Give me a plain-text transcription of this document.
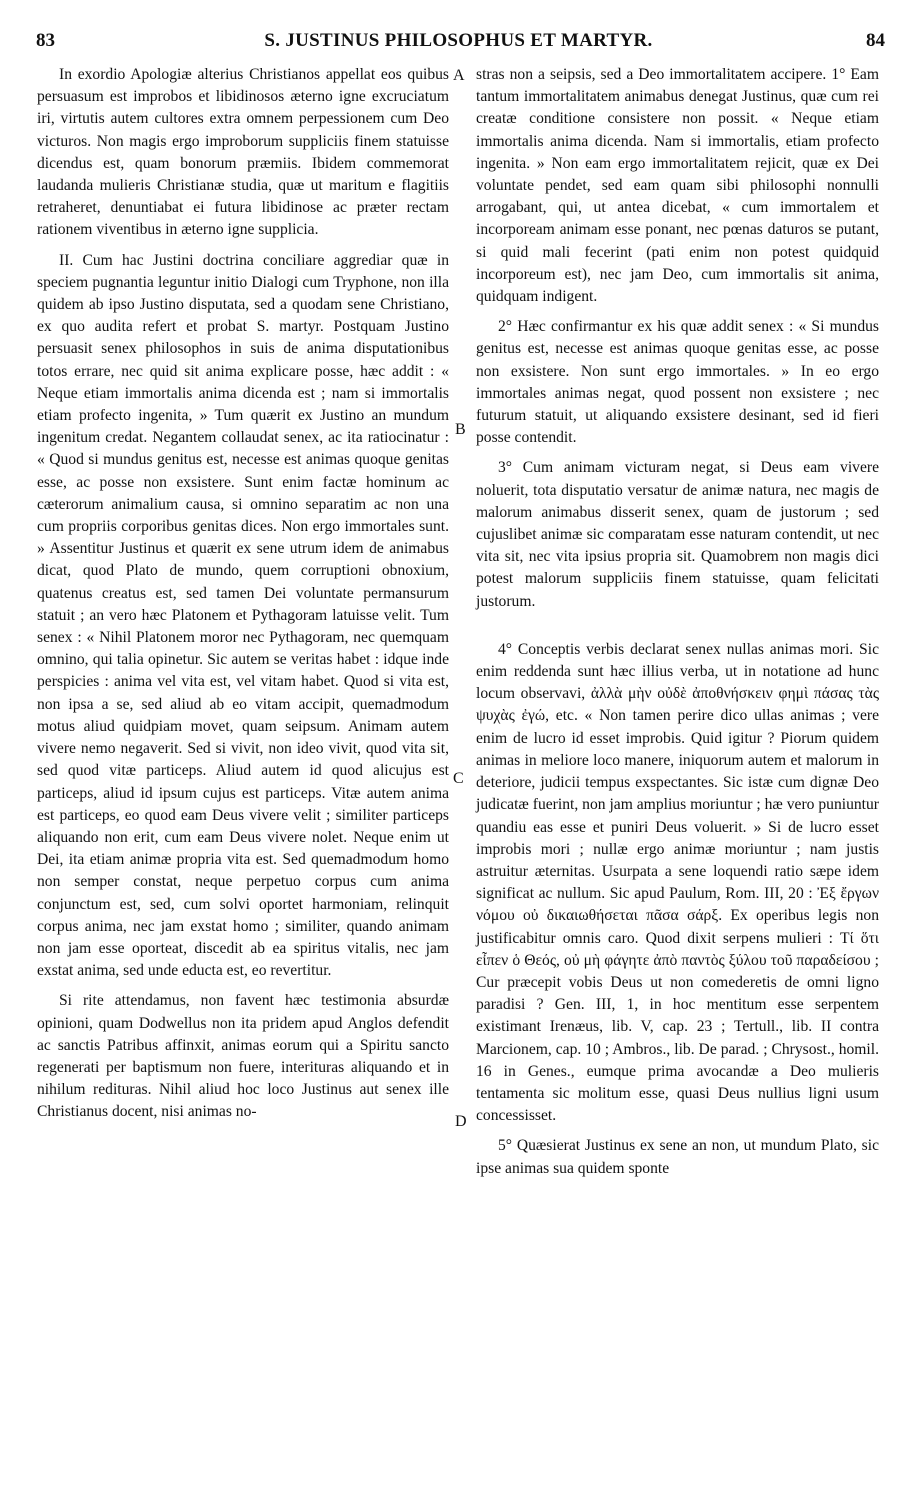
83	S. JUSTINUS PHILOSOPHUS ET MARTYR.	84
A
B
C
D

In exordio Apologiæ alterius Christianos appellat eos quibus persuasum est improbos et libidinosos æterno igne excruciatum iri, virtutis autem cultores extra omnem perpessionem cum Deo victuros. Non magis ergo improborum suppliciis finem statuisse dicendus est, quam bonorum præmiis. Ibidem commemorat laudanda mulieris Christianæ studia, quæ ut maritum e flagitiis retraheret, denuntiabat ei futura libidinose ac præter rectam rationem viventibus in æterno igne supplicia.

II. Cum hac Justini doctrina conciliare aggrediar quæ in speciem pugnantia leguntur initio Dialogi cum Tryphone, non illa quidem ab ipso Justino disputata, sed a quodam sene Christiano, ex quo audita refert et probat S. martyr. Postquam Justino persuasit senex philosophos in suis de anima disputationibus totos errare, nec quid sit anima explicare posse, hæc addit : « Neque etiam immortalis anima dicenda est ; nam si immortalis etiam profecto ingenita, » Tum quærit ex Justino an mundum ingenitum credat. Negantem collaudat senex, ac ita ratiocinatur : « Quod si mundus genitus est, necesse est animas quoque genitas esse, ac posse non exsistere. Sunt enim factæ hominum ac cæterorum animalium causa, si omnino separatim ac non una cum propriis corporibus genitas dices. Non ergo immortales sunt. » Assentitur Justinus et quærit ex sene utrum idem de animabus dicat, quod Plato de mundo, quem corruptioni obnoxium, quatenus creatus est, sed tamen Dei voluntate permansurum statuit ; an vero hæc Platonem et Pythagoram latuisse velit. Tum senex : « Nihil Platonem moror nec Pythagoram, nec quemquam omnino, qui talia opinetur. Sic autem se veritas habet : idque inde perspicies : anima vel vita est, vel vitam habet. Quod si vita est, non ipsa a se, sed aliud ab eo vitam accipit, quemadmodum motus aliud quidpiam movet, quam seipsum. Animam autem vivere nemo negaverit. Sed si vivit, non ideo vivit, quod vita sit, sed quod vitæ particeps. Aliud autem id quod alicujus est particeps, aliud id ipsum cujus est particeps. Vitæ autem anima est particeps, eo quod eam Deus vivere velit ; similiter particeps aliquando non erit, cum eam Deus vivere nolet. Neque enim ut Dei, ita etiam animæ propria vita est. Sed quemadmodum homo non semper constat, neque perpetuo corpus cum anima conjunctum est, sed, cum solvi oportet harmoniam, relinquit corpus anima, nec jam exstat homo ; similiter, quando animam non jam esse oporteat, discedit ab ea spiritus vitalis, nec jam exstat anima, sed unde educta est, eo revertitur.

Si rite attendamus, non favent hæc testimonia absurdæ opinioni, quam Dodwellus non ita pridem apud Anglos defendit ac sanctis Patribus affinxit, animas eorum qui a Spiritu sancto regenerati per baptismum non fuere, interituras aliquando et in nihilum redituras. Nihil aliud hoc loco Justinus aut senex ille Christianus docent, nisi animas no-

stras non a seipsis, sed a Deo immortalitatem accipere. 1° Eam tantum immortalitatem animabus denegat Justinus, quæ cum rei creatæ conditione consistere non possit. « Neque etiam immortalis anima dicenda. Nam si immortalis, etiam profecto ingenita. » Non eam ergo immortalitatem rejicit, quæ ex Dei voluntate pendet, sed eam quam sibi philosophi nonnulli arrogabant, qui, ut antea dicebat, « cum immortalem et incorpoream animam esse ponant, nec pœnas daturos se putant, si quid mali fecerint (pati enim non potest quidquid incorporeum est), nec jam Deo, cum immortalis sit anima, quidquam indigent.

2° Hæc confirmantur ex his quæ addit senex : « Si mundus genitus est, necesse est animas quoque genitas esse, ac posse non exsistere. Non sunt ergo immortales. » In eo ergo immortales animas negat, quod possent non exsistere ; nec futurum statuit, ut aliquando exsistere desinant, sed id fieri posse contendit.

3° Cum animam victuram negat, si Deus eam vivere noluerit, tota disputatio versatur de animæ natura, nec magis de malorum animabus disserit senex, quam de justorum ; sed cujuslibet animæ sic comparatam esse naturam contendit, ut nec vita sit, nec vita ipsius propria sit. Quamobrem non magis dici potest malorum suppliciis finem statuisse, quam felicitati justorum.

4° Conceptis verbis declarat senex nullas animas mori. Sic enim reddenda sunt hæc illius verba, ut in notatione ad hunc locum observavi, ἀλλὰ μὴν οὐδὲ ἀποθνήσκειν φημὶ πάσας τὰς ψυχὰς ἐγώ, etc. « Non tamen perire dico ullas animas ; vere enim de lucro id esset improbis. Quid igitur ? Piorum quidem animas in meliore loco manere, iniquorum autem et malorum in deteriore, judicii tempus exspectantes. Sic istæ cum dignæ Deo judicatæ fuerint, non jam amplius moriuntur ; hæ vero puniuntur quandiu eas esse et puniri Deus voluerit. » Si de lucro esset improbis mori ; nullæ ergo animæ moriuntur ; nam justis astruitur æternitas. Usurpata a sene loquendi ratio sæpe idem significat ac nullum. Sic apud Paulum, Rom. III, 20 : Ἐξ ἔργων νόμου οὐ δικαιωθήσεται πᾶσα σάρξ. Ex operibus legis non justificabitur omnis caro. Quod dixit serpens mulieri : Τί ὅτι εἶπεν ὁ Θεός, οὐ μὴ φάγητε ἀπὸ παντὸς ξύλου τοῦ παραδείσου ; Cur præcepit vobis Deus ut non comederetis de omni ligno paradisi ? Gen. III, 1, in hoc mentitum esse serpentem existimant Irenæus, lib. V, cap. 23 ; Tertull., lib. II contra Marcionem, cap. 10 ; Ambros., lib. De parad. ; Chrysost., homil. 16 in Genes., eumque prima avocandæ a Deo mulieris tentamenta sic molitum esse, quasi Deus nullius ligni usum concessisset.

5° Quæsierat Justinus ex sene an non, ut mundum Plato, sic ipse animas sua quidem sponte
